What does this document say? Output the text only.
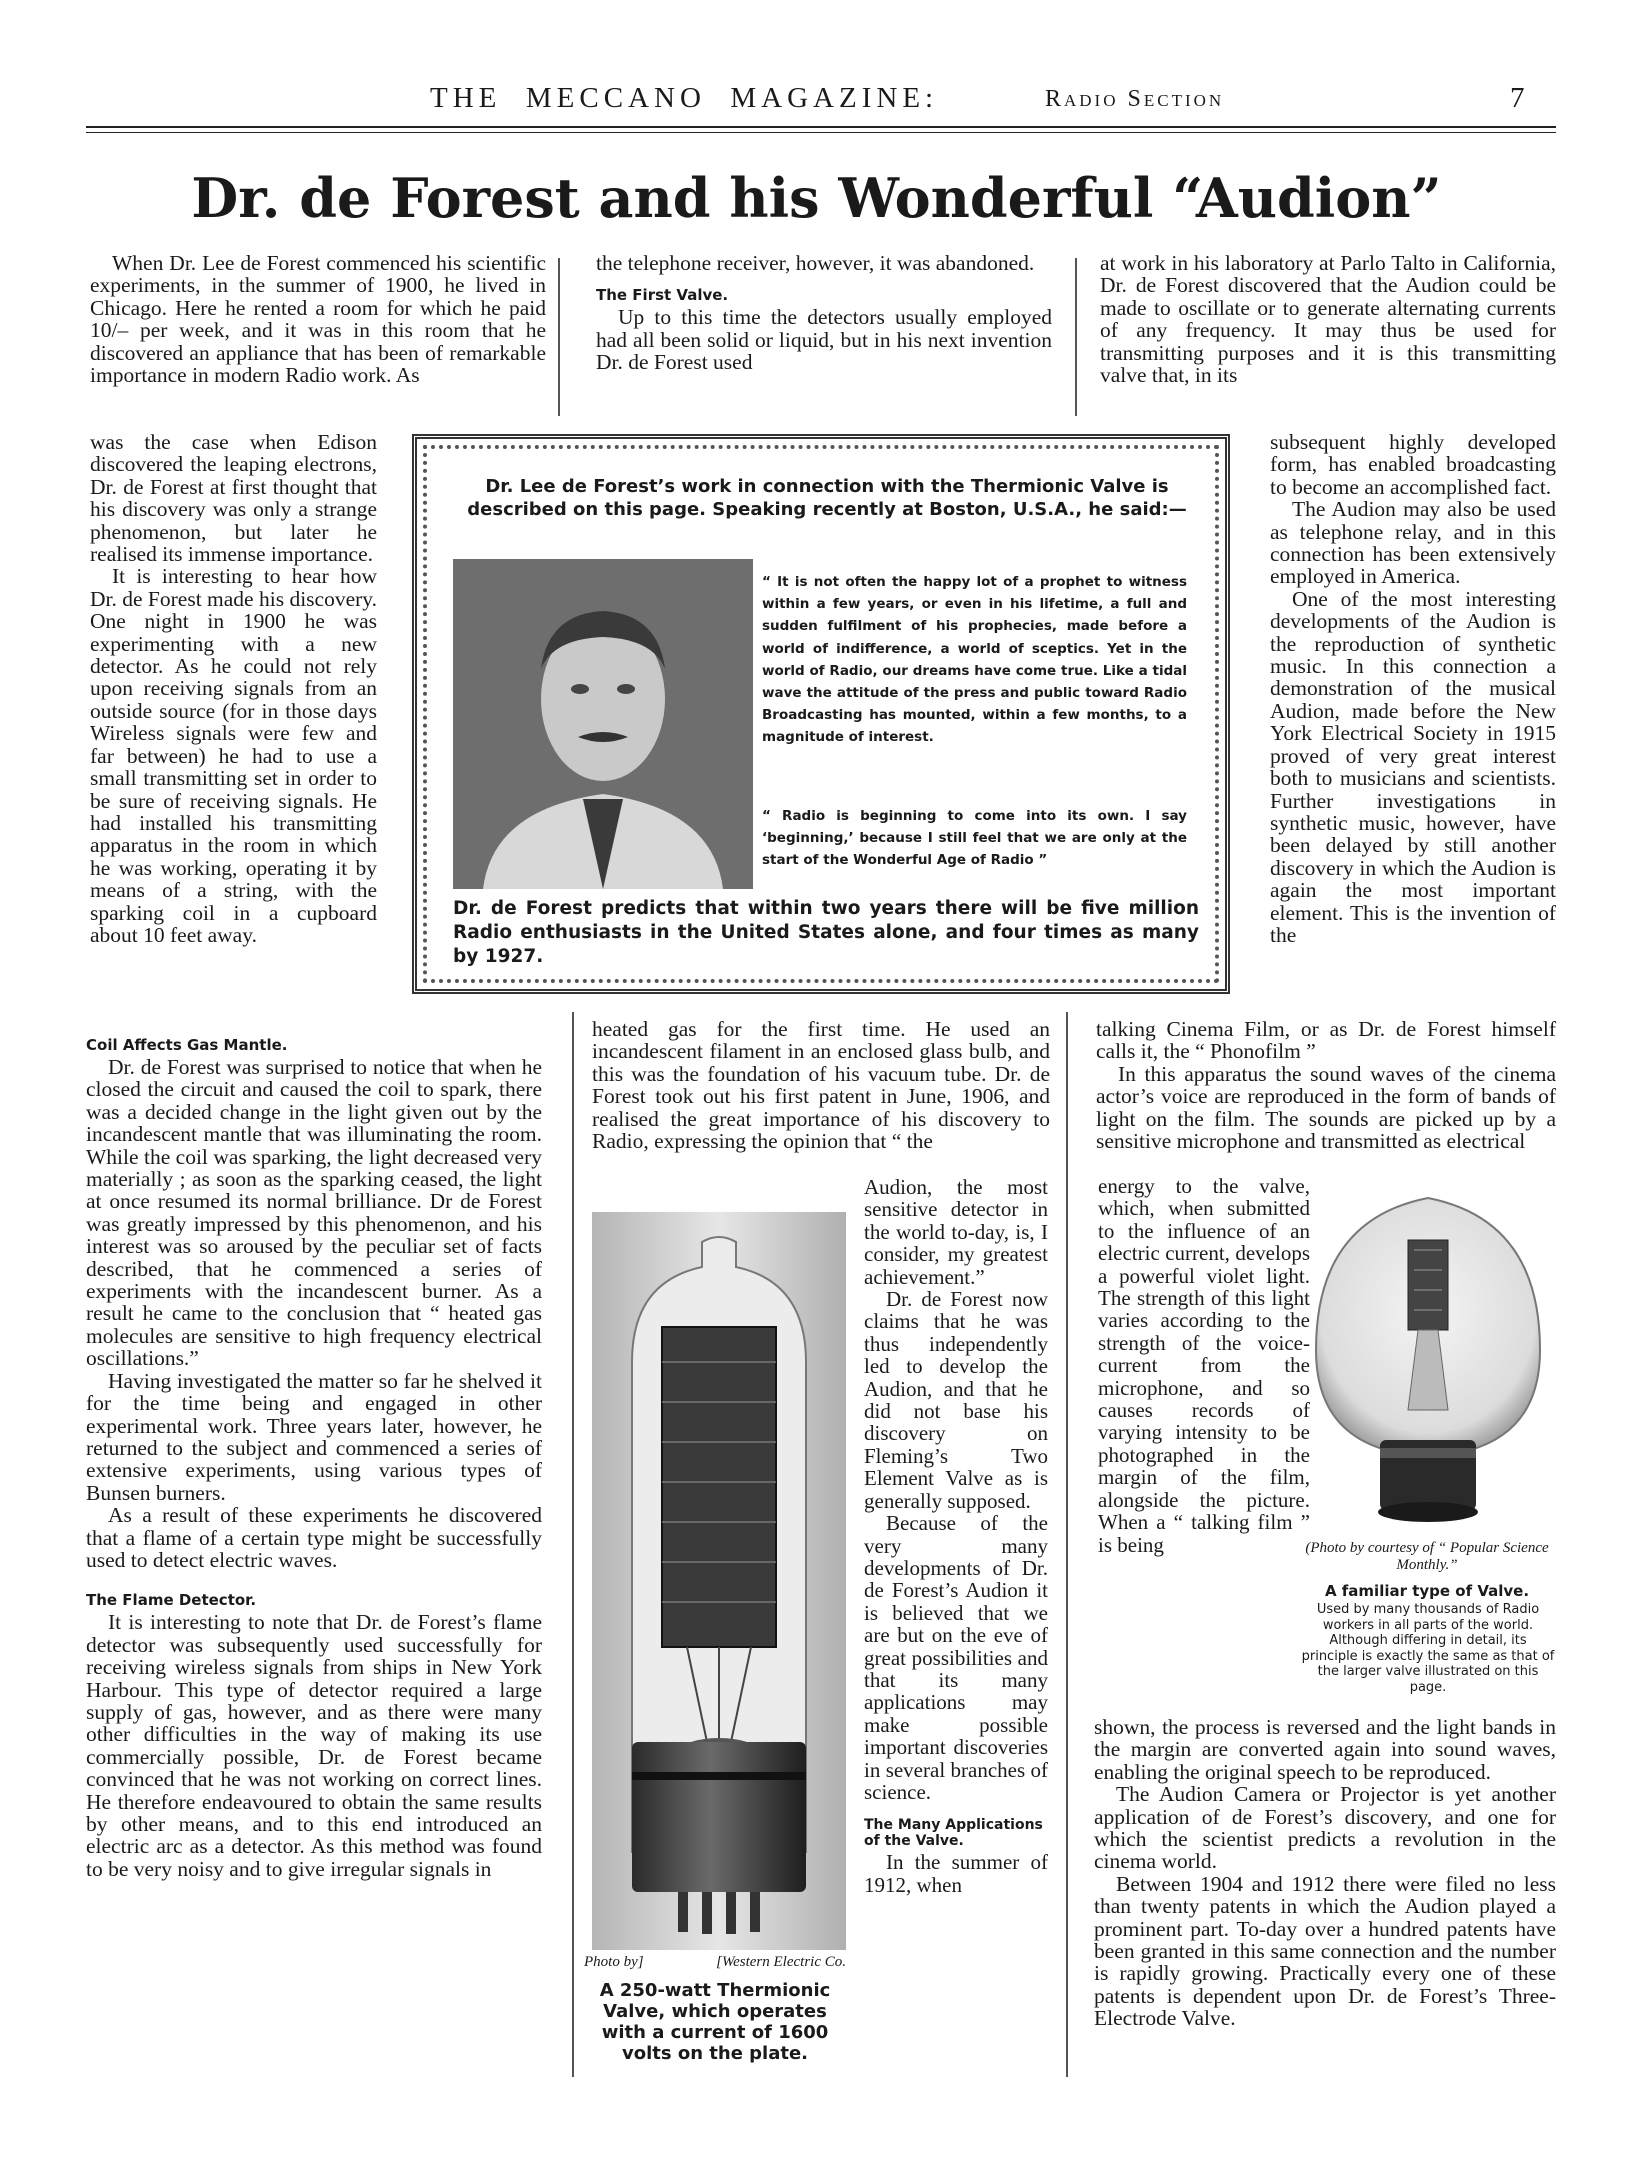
THE  MECCANO  MAGAZINE:	Radio Section	7
Dr. de Forest and his Wonderful “Audion”

When Dr. Lee de Forest commenced his scientific experiments, in the summer of 1900, he lived in Chicago. Here he rented a room for which he paid 10/– per week, and it was in this room that he discovered an appliance that has been of remarkable importance in modern Radio work. As

was the case when Edison discovered the leaping electrons, Dr. de Forest at first thought that his discovery was only a strange phenomenon, but later he realised its immense importance.

It is interesting to hear how Dr. de Forest made his discovery. One night in 1900 he was experimenting with a new detector. As he could not rely upon receiving signals from an outside source (for in those days Wireless signals were few and far between) he had to use a small transmitting set in order to be sure of receiving signals. He had installed his transmitting apparatus in the room in which he was working, operating it by means of a string, with the sparking coil in a cupboard about 10 feet away.

Coil Affects Gas Mantle.

Dr. de Forest was surprised to notice that when he closed the circuit and caused the coil to spark, there was a decided change in the light given out by the incandescent mantle that was illuminating the room. While the coil was sparking, the light decreased very materially ; as soon as the sparking ceased, the light at once resumed its normal brilliance. Dr de Forest was greatly impressed by this phenomenon, and his interest was so aroused by the peculiar set of facts described, that he commenced a series of experiments with the incandescent burner. As a result he came to the conclusion that “ heated gas molecules are sensitive to high frequency electrical oscillations.”

Having investigated the matter so far he shelved it for the time being and engaged in other experimental work. Three years later, however, he returned to the subject and commenced a series of extensive experiments, using various types of Bunsen burners.

As a result of these experiments he discovered that a flame of a certain type might be successfully used to detect electric waves.

The Flame Detector.

It is interesting to note that Dr. de Forest’s flame detector was subsequently used successfully for receiving wireless signals from ships in New York Harbour. This type of detector required a large supply of gas, however, and as there were many other difficulties in the way of making its use commercially possible, Dr. de Forest became convinced that he was not working on correct lines. He therefore endeavoured to obtain the same results by other means, and to this end introduced an electric arc as a detector. As this method was found to be very noisy and to give irregular signals in

the telephone receiver, however, it was abandoned.

The First Valve.

Up to this time the detectors usually employed had all been solid or liquid, but in his next invention Dr. de Forest used

heated gas for the first time. He used an incandescent filament in an enclosed glass bulb, and this was the foundation of his vacuum tube. Dr. de Forest took out his first patent in June, 1906, and realised the great importance of his discovery to Radio, expressing the opinion that “ the

Audion, the most sensitive detector in the world to-day, is, I consider, my greatest achievement.”

Dr. de Forest now claims that he was thus independently led to develop the Audion, and that he did not base his discovery on Fleming’s Two Element Valve as is generally supposed.

Because of the very many developments of Dr. de Forest’s Audion it is believed that we are but on the eve of great possibilities and that its many applications may make possible important discoveries in several branches of science.

The Many Applications of the Valve.

In the summer of 1912, when

Photo by]	[Western Electric Co.
A 250-watt Thermionic Valve, which operates with a current of 1600 volts on the plate.

at work in his laboratory at Parlo Talto in California, Dr. de Forest discovered that the Audion could be made to oscillate or to generate alternating currents of any frequency. It may thus be used for transmitting purposes and it is this transmitting valve that, in its

subsequent highly developed form, has enabled broadcasting to become an accomplished fact.

The Audion may also be used as telephone relay, and in this connection has been extensively employed in America.

One of the most interesting developments of the Audion is the reproduction of synthetic music. In this connection a demonstration of the musical Audion, made before the New York Electrical Society in 1915 proved of very great interest both to musicians and scientists. Further investigations in synthetic music, however, have been delayed by still another discovery in which the Audion is again the most important element. This is the invention of the

talking Cinema Film, or as Dr. de Forest himself calls it, the “ Phonofilm ”

In this apparatus the sound waves of the cinema actor’s voice are reproduced in the form of bands of light on the film. The sounds are picked up by a sensitive microphone and transmitted as electrical

energy to the valve, which, when submitted to the influence of an electric current, develops a powerful violet light. The strength of this light varies according to the strength of the voice-current from the microphone, and so causes records of varying intensity to be photographed in the margin of the film, alongside the picture. When a “ talking film ” is being

shown, the process is reversed and the light bands in the margin are converted again into sound waves, enabling the original speech to be reproduced.

The Audion Camera or Projector is yet another application of de Forest’s discovery, and one for which the scientist predicts a revolution in the cinema world.

Between 1904 and 1912 there were filed no less than twenty patents in which the Audion played a prominent part. To-day over a hundred patents have been granted in this same connection and the number is rapidly growing. Practically every one of these patents is dependent upon Dr. de Forest’s Three-Electrode Valve.

(Photo by courtesy of “ Popular Science Monthly.”
A familiar type of Valve.
Used by many thousands of Radio workers in all parts of the world. Although differing in detail, its principle is exactly the same as that of the larger valve illustrated on this page.
Dr. Lee de Forest’s work in connection with the Thermionic Valve is described on this page. Speaking recently at Boston, U.S.A., he said:—
“ It is not often the happy lot of a prophet to witness within a few years, or even in his lifetime, a full and sudden fulfilment of his prophecies, made before a world of indifference, a world of sceptics. Yet in the world of Radio, our dreams have come true. Like a tidal wave the attitude of the press and public toward Radio Broadcasting has mounted, within a few months, to a magnitude of interest.
“ Radio is beginning to come into its own. I say ‘beginning,’ because I still feel that we are only at the start of the Wonderful Age of Radio ”
Dr. de Forest predicts that within two years there will be five million Radio enthusiasts in the United States alone, and four times as many by 1927.
